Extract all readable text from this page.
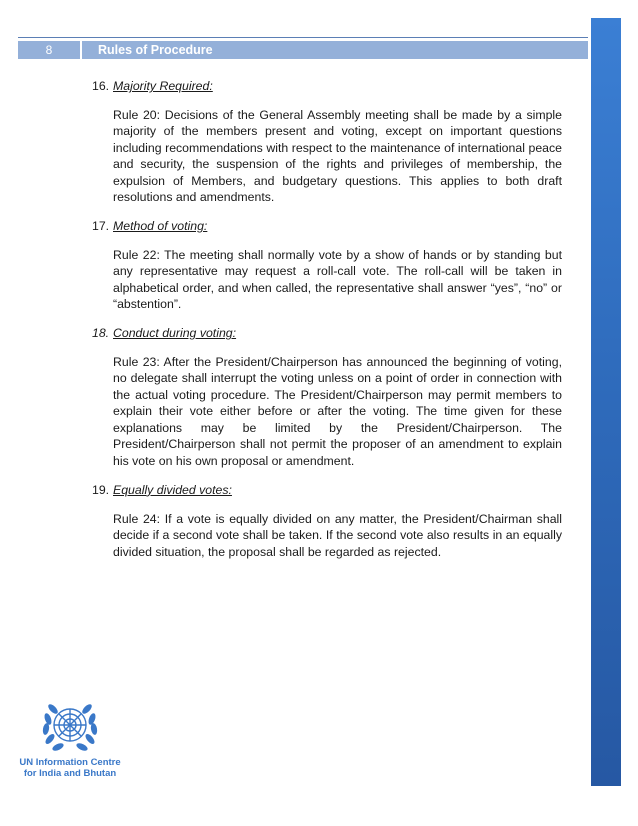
8	Rules of Procedure

16. Majority Required:

Rule 20: Decisions of the General Assembly meeting shall be made by a simple majority of the members present and voting, except on important questions including recommendations with respect to the maintenance of international peace and security, the suspension of the rights and privileges of membership, the expulsion of Members, and budgetary questions. This applies to both draft resolutions and amendments.

17. Method of voting:

Rule 22: The meeting shall normally vote by a show of hands or by standing but any representative may request a roll-call vote. The roll-call will be taken in alphabetical order, and when called, the representative shall answer “yes”, “no” or “abstention”.

18. Conduct during voting:

Rule 23: After the President/Chairperson has announced the beginning of voting, no delegate shall interrupt the voting unless on a point of order in connection with the actual voting procedure. The President/Chairperson may permit members to explain their vote either before or after the voting. The time given for these explanations may be limited by the President/Chairperson. The President/Chairperson shall not permit the proposer of an amendment to explain his vote on his own proposal or amendment.

19. Equally divided votes:

Rule 24: If a vote is equally divided on any matter, the President/Chairman shall decide if a second vote shall be taken. If the second vote also results in an equally divided situation, the proposal shall be regarded as rejected.

UN Information Centre
for India and Bhutan
